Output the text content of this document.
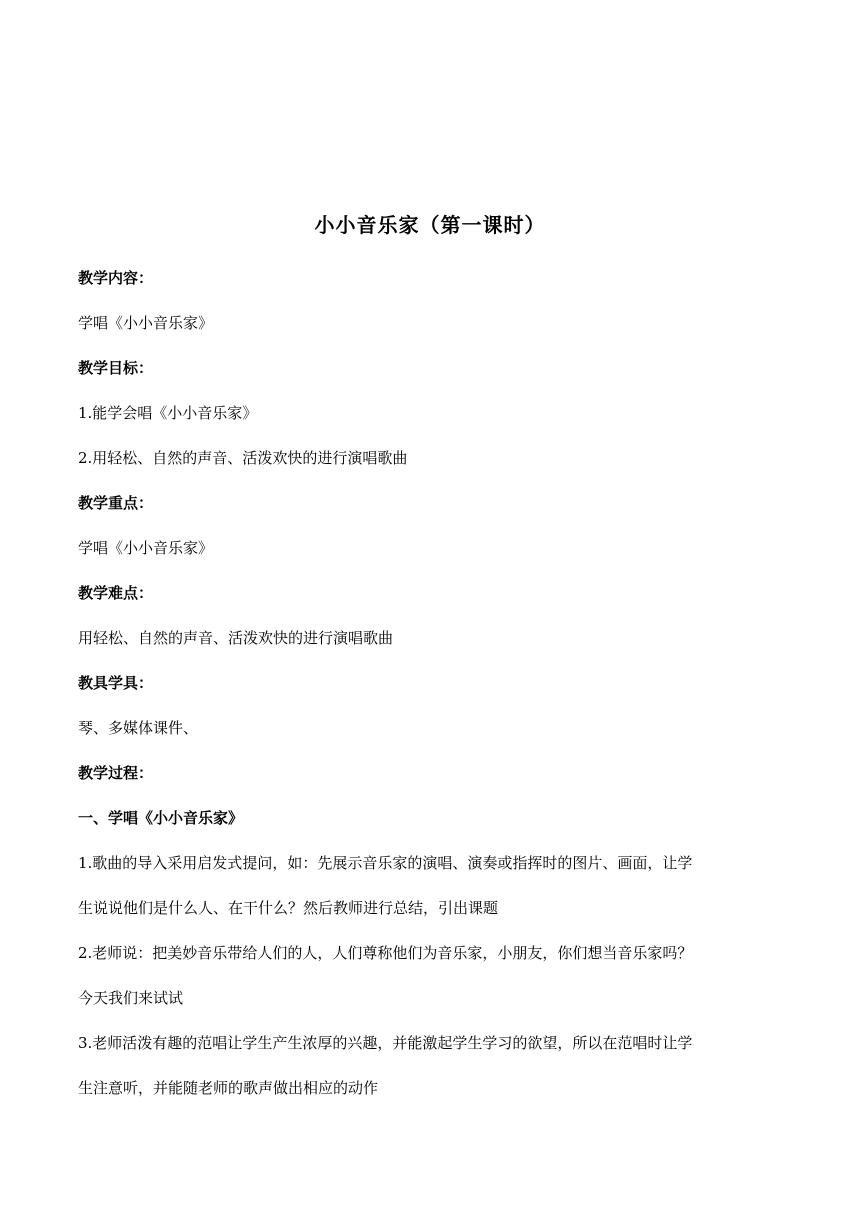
小小音乐家（第一课时）
教学内容：
学唱《小小音乐家》
教学目标：
1.能学会唱《小小音乐家》
2.用轻松、自然的声音、活泼欢快的进行演唱歌曲
教学重点：
学唱《小小音乐家》
教学难点：
用轻松、自然的声音、活泼欢快的进行演唱歌曲
教具学具：
琴、多媒体课件、
教学过程：
一、学唱《小小音乐家》
1.歌曲的导入采用启发式提问，如：先展示音乐家的演唱、演奏或指挥时的图片、画面，让学
生说说他们是什么人、在干什么？然后教师进行总结，引出课题
2.老师说：把美妙音乐带给人们的人，人们尊称他们为音乐家，小朋友，你们想当音乐家吗？
今天我们来试试
3.老师活泼有趣的范唱让学生产生浓厚的兴趣，并能激起学生学习的欲望，所以在范唱时让学
生注意听，并能随老师的歌声做出相应的动作
